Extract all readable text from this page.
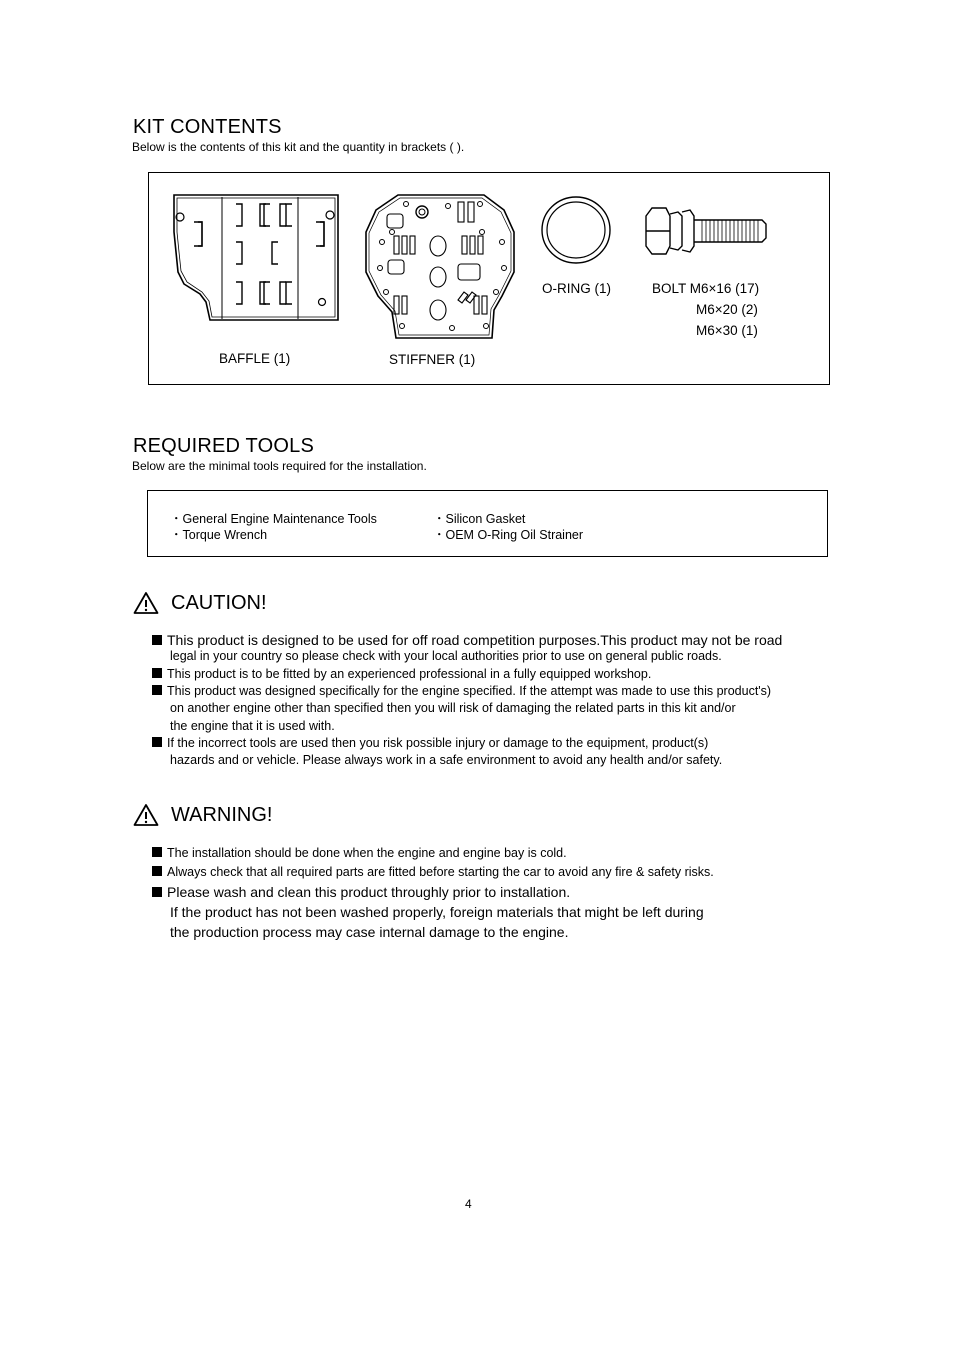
KIT CONTENTS
Below is the contents of this kit and the quantity in brackets ( ).
BAFFLE (1)	STIFFNER (1)
O-RING (1)	BOLT M6×16 (17)
M6×20 (2)
M6×30 (1)
REQUIRED TOOLS
Below are the minimal tools required for the installation.
・General Engine Maintenance Tools
・Torque Wrench
・Silicon Gasket
・OEM O-Ring Oil Strainer
CAUTION!
This product is designed to be used for off road competition purposes.This product may not be road
legal in your country so please check with your local authorities prior to use on general public roads.
This product is to be fitted by an experienced professional in a fully equipped workshop.
This product was designed specifically for the engine specified. If the attempt was made to use this product's)
on another engine other than specified then you will risk of damaging the related parts in this kit and/or
the engine that it is used with.
If the incorrect tools are used then you risk possible injury or damage to the equipment, product(s)
hazards and or vehicle. Please always work in a safe environment to avoid any health and/or safety.
WARNING!
The installation should be done when the engine and engine bay is cold.
Always check that all required parts are fitted before starting the car to avoid any fire & safety risks.
Please wash and clean this product throughly prior to installation.
If the product has not been washed properly, foreign materials that might be left during
the production process may case internal damage to the engine.
4
